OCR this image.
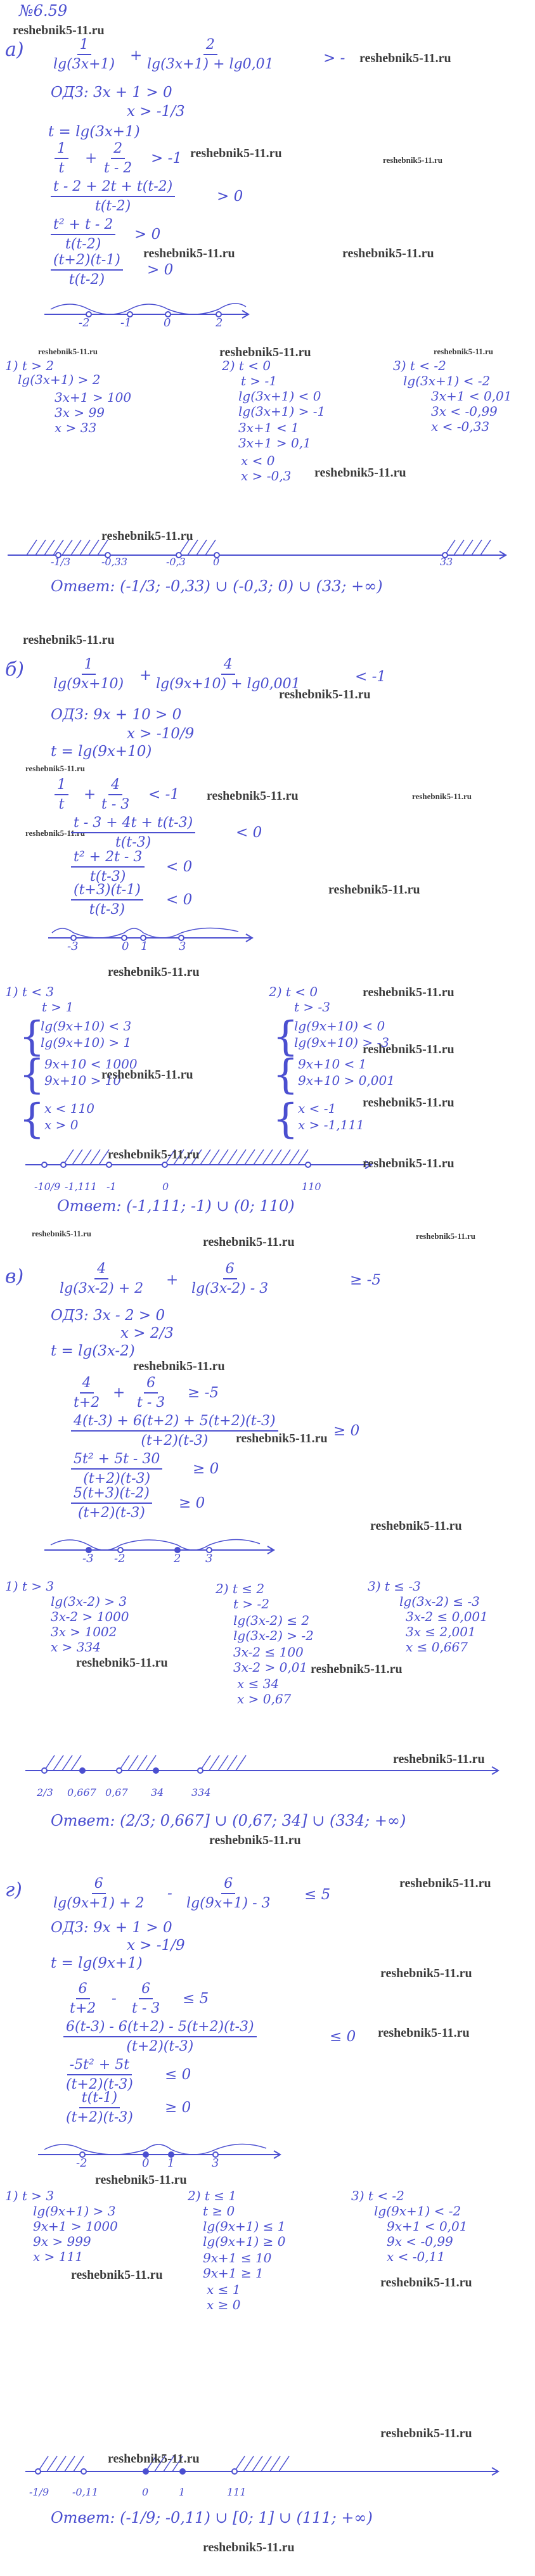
№6.59
reshebnik5-11.ru
$а) \frac{1}{\lg(3x+1)} + \frac{2}{\lg(3x+1) + \lg 0,01}$	> - reshebnik5-11.ru
ОДЗ: 3x + 1 > 0
x > -1/3
t = lg(3x+1)
$\frac{1}{t} + \frac{2}{t - 2} > -1$	reshebnik5-11.ru
reshebnik5-11.ru
$\frac{t - 2 + 2t + t(t-2)}{t(t-2)}$	> 0
$\frac{\text{t² + t - 2}}{t(t-2)} > 0$
$\frac{(t+2)(t-1)}{t(t-2)} > 0$
reshebnik5-11.ru	reshebnik5-11.ru
-2	-1	0	2
reshebnik5-11.ru	reshebnik5-11.ru	reshebnik5-11.ru
1) t > 2
lg(3x+1) > 2
3x+1 > 100
3x > 99
x > 33
2) t < 0
t > -1
lg(3x+1) < 0
lg(3x+1) > -1
3x+1 < 1
3x+1 > 0,1
x < 0
x > -0,3 reshebnik5-11.ru
3) t < -2
lg(3x+1) < -2
3x+1 < 0,01
3x < -0,99
x < -0,33
reshebnik5-11.ru
-1/3	-0,33	-0,3	0	33
Ответ: (-1/3; -0,33) ∪ (-0,3; 0) ∪ (33; +∞)
reshebnik5-11.ru
$б) \frac{1}{\lg(9x+10)} + \frac{4}{\lg(9x+10) + \lg 0,001}$	< -1
reshebnik5-11.ru
ОДЗ: 9x + 10 > 0
x > -10/9
t = lg(9x+10)
reshebnik5-11.ru
$\frac{1}{t} + \frac{4}{t - 3} < -1$ reshebnik5-11.ru	reshebnik5-11.ru
reshebnik5-11.ru
$\frac{t - 3 + 4t + t(t-3)}{t(t-3)}$	< 0
$\frac{\text{t² + 2t - 3}}{t(t-3)} < 0$
$\frac{(t+3)(t-1)}{t(t-3)} < 0$
reshebnik5-11.ru
-3	0 1	3
reshebnik5-11.ru
1) t < 3
t > 1
{
lg(9x+10) < 3
lg(9x+10) > 1
{ 9x+10 < 1000
9x+10 > 10
{ x < 110
x > 0
reshebnik5-11.ru
reshebnik5-11.ru
2) t < 0
t > -3
{
lg(9x+10) < 0
lg(9x+10) > -3
{ 9x+10 < 1
9x+10 > 0,001
{ x < -1
x > -1,111
reshebnik5-11.ru
reshebnik5-11.ru
reshebnik5-11.ru
reshebnik5-11.ru
-10/9 -1,111 -1	0	110
Ответ: (-1,111; -1) ∪ (0; 110)
reshebnik5-11.ru
reshebnik5-11.ru	reshebnik5-11.ru
$в) \frac{4}{\lg(3x-2) + 2} + \frac{6}{\lg(3x-2) - 3}$	≥ -5
ОДЗ: 3x - 2 > 0
x > 2/3
t = lg(3x-2)
reshebnik5-11.ru
$\frac{4}{t+2} + \frac{6}{t - 3} \ge -5$
$\frac{4(t-3) + 6(t+2) + 5(t+2)(t-3)}{(t+2)(t-3)}$	≥ 0
reshebnik5-11.ru
$\frac{\text{5t² + 5t - 30}}{(t+2)(t-3)} \ge 0$
$\frac{5(t+3)(t-2)}{(t+2)(t-3)} \ge 0$
reshebnik5-11.ru
-3 -2	2 3
1) t > 3
lg(3x-2) > 3
3x-2 > 1000
3x > 1002
x > 334
reshebnik5-11.ru
2) t ≤ 2
t > -2
lg(3x-2) ≤ 2
lg(3x-2) > -2
3x-2 ≤ 100
3x-2 > 0,01
x ≤ 34
x > 0,67
reshebnik5-11.ru
3) t ≤ -3
lg(3x-2) ≤ -3
3x-2 ≤ 0,001
3x ≤ 2,001
x ≤ 0,667
reshebnik5-11.ru
2/3 0,667 0,67 34	334
Ответ: (2/3; 0,667] ∪ (0,67; 34] ∪ (334; +∞)
reshebnik5-11.ru
$г) \frac{6}{\lg(9x+1) + 2} - \frac{6}{\lg(9x+1) - 3} \le 5$
reshebnik5-11.ru
ОДЗ: 9x + 1 > 0
x > -1/9
t = lg(9x+1)
reshebnik5-11.ru
$\frac{6}{t+2} - \frac{6}{t - 3} \le 5$
$\frac{6(t-3) - 6(t+2) - 5(t+2)(t-3)}{(t+2)(t-3)}$	≤ 0 reshebnik5-11.ru
$\frac{\text{-5t² + 5t}}{(t+2)(t-3)} \le 0$
$\frac{t(t-1)}{(t+2)(t-3)} \ge 0$
-2	0 1	3
reshebnik5-11.ru
1) t > 3
lg(9x+1) > 3
9x+1 > 1000
9x > 999
x > 111
reshebnik5-11.ru
2) t ≤ 1
t ≥ 0
lg(9x+1) ≤ 1
lg(9x+1) ≥ 0
9x+1 ≤ 10
9x+1 ≥ 1
x ≤ 1
x ≥ 0
3) t < -2
lg(9x+1) < -2
9x+1 < 0,01
9x < -0,99
x < -0,11
reshebnik5-11.ru
reshebnik5-11.ru
reshebnik5-11.ru
-1/9 -0,11	0	1	111
Ответ: (-1/9; -0,11) ∪ [0; 1] ∪ (111; +∞)
reshebnik5-11.ru
